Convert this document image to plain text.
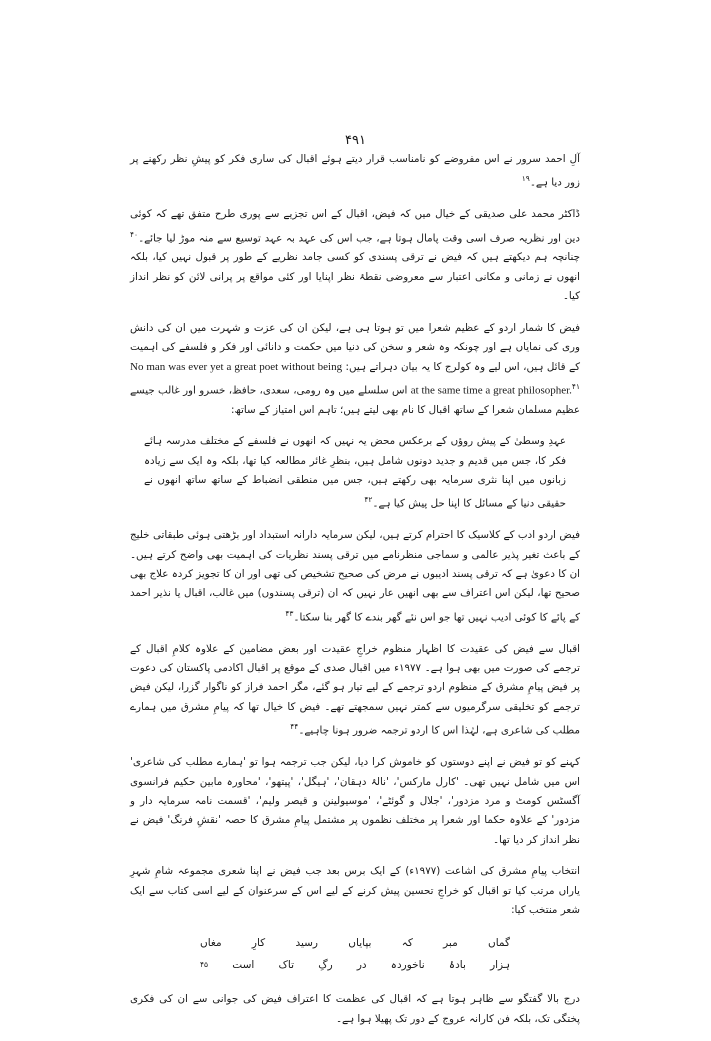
۴۹۱

آلِ احمد سرور نے اس مفروضے کو نامناسب قرار دیتے ہوئے اقبال کی ساری فکر کو پیشِ نظر رکھنے پر زور دیا ہے۔$^{۱۹}$

ڈاکٹر محمد علی صدیقی کے خیال میں کہ فیض، اقبال کے اس تجزیے سے پوری طرح متفق تھے کہ کوئی دین اور نظریہ صرف اسی وقت پامال ہوتا ہے، جب اس کی عہد بہ عہد توسیع سے منہ موڑ لیا جائے۔$^{۴۰}$ چنانچہ ہم دیکھتے ہیں کہ فیض نے ترقی پسندی کو کسی جامد نظریے کے طور پر قبول نہیں کیا، بلکہ انھوں نے زمانی و مکانی اعتبار سے معروضی نقطۂ نظر اپنایا اور کئی مواقع پر پرانی لائن کو نظر انداز کیا۔

فیض کا شمار اردو کے عظیم شعرا میں تو ہوتا ہی ہے، لیکن ان کی عزت و شہرت میں ان کی دانش وری کی نمایاں ہے اور چونکہ وہ شعر و سخن کی دنیا میں حکمت و دانائی اور فکر و فلسفے کی اہمیت کے قائل ہیں، اس لیے وہ کولرج کا یہ بیان دہراتے ہیں: No man was ever yet a great poet without being at the same time a great philosopher.$^{۴۱}$ اس سلسلے میں وہ رومی، سعدی، حافظ، خسرو اور غالب جیسے عظیم مسلمان شعرا کے ساتھ اقبال کا نام بھی لیتے ہیں؛ تاہم اس امتیاز کے ساتھ:

عہدِ وسطیٰ کے پیش روؤں کے برعکس محض یہ نہیں کہ انھوں نے فلسفے کے مختلف مدرسہ ہائے فکر کا، جس میں قدیم و جدید دونوں شامل ہیں، بنظرِ غائر مطالعہ کیا تھا، بلکہ وہ ایک سے زیادہ زبانوں میں اپنا نثری سرمایہ بھی رکھتے ہیں، جس میں منطقی انضباط کے ساتھ ساتھ انھوں نے حقیقی دنیا کے مسائل کا اپنا حل پیش کیا ہے۔$^{۴۲}$

فیض اردو ادب کے کلاسیک کا احترام کرتے ہیں، لیکن سرمایہ دارانہ استبداد اور بڑھتی ہوئی طبقاتی خلیج کے باعث تغیر پذیر عالمی و سماجی منظرنامے میں ترقی پسند نظریات کی اہمیت بھی واضح کرتے ہیں۔ ان کا دعویٰ ہے کہ ترقی پسند ادیبوں نے مرض کی صحیح تشخیص کی تھی اور ان کا تجویز کردہ علاج بھی صحیح تھا، لیکن اس اعتراف سے بھی انھیں عار نہیں کہ ان (ترقی پسندوں) میں غالب، اقبال یا نذیر احمد کے پائے کا کوئی ادیب نہیں تھا جو اس نئے گھر بندے کا گھر بنا سکتا۔$^{۴۳}$

اقبال سے فیض کی عقیدت کا اظہار منظوم خراجِ عقیدت اور بعض مضامین کے علاوہ کلامِ اقبال کے ترجمے کی صورت میں بھی ہوا ہے۔ ۱۹۷۷ء میں اقبال صدی کے موقع پر اقبال اکادمی پاکستان کی دعوت پر فیض پیامِ مشرق کے منظوم اردو ترجمے کے لیے تیار ہو گئے، مگر احمد فراز کو ناگوار گزرا، لیکن فیض ترجمے کو تخلیقی سرگرمیوں سے کمتر نہیں سمجھتے تھے۔ فیض کا خیال تھا کہ پیامِ مشرق میں ہمارے مطلب کی شاعری ہے، لہٰذا اس کا اردو ترجمہ ضرور ہونا چاہیے۔$^{۴۴}$

کہنے کو تو فیض نے اپنے دوستوں کو خاموش کرا دیا، لیکن جب ترجمہ ہوا تو 'ہمارے مطلب کی شاعری' اس میں شامل نہیں تھی۔ 'کارل مارکس'، 'نالۂ دہقان'، 'ہیگل'، 'پیتھو'، 'محاورہ مابین حکیم فرانسوی آگسٹس کومٹ و مرد مزدور'، 'جلال و گوئٹے'، 'موسیولینن و قیصر ولیم'، 'قسمت نامہ سرمایہ دار و مزدور' کے علاوہ حکما اور شعرا پر مختلف نظموں پر مشتمل پیامِ مشرق کا حصہ 'نقشِ فرنگ' فیض نے نظر انداز کر دیا تھا۔

انتخاب پیامِ مشرق کی اشاعت (۱۹۷۷ء) کے ایک برس بعد جب فیض نے اپنا شعری مجموعہ شامِ شہرِ یاراں مرتب کیا تو اقبال کو خراجِ تحسین پیش کرنے کے لیے اس کے سرعنوان کے لیے اسی کتاب سے ایک شعر منتخب کیا:

گماں
مبر
کہ
بپایاں
رسید
کارِ
مغاں
ہزار
بادۂ
ناخوردہ
در
رگِ
تاک
است
۴۵

درج بالا گفتگو سے ظاہر ہوتا ہے کہ اقبال کی عظمت کا اعتراف فیض کی جوانی سے ان کی فکری پختگی تک، بلکہ فن کارانہ عروج کے دور تک پھیلا ہوا ہے۔
